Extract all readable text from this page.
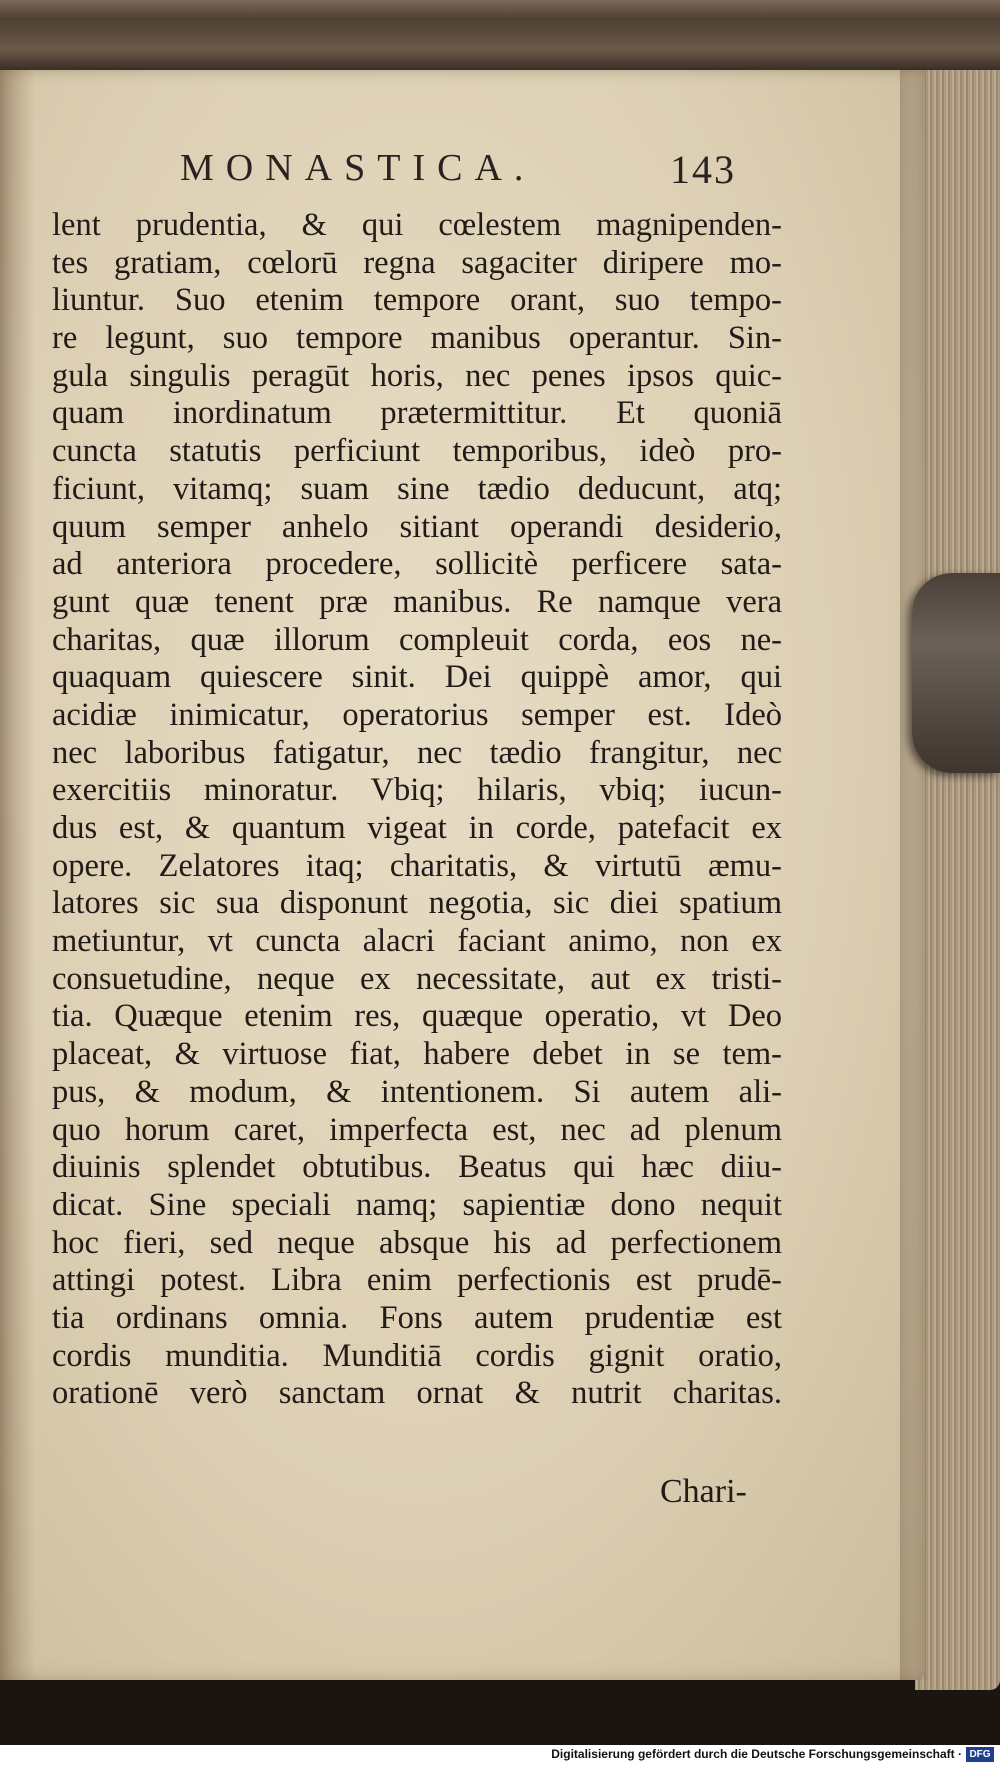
MONASTICA.	143
lent prudentia, & qui cœlestem magnipenden-
tes gratiam, cœlorū regna sagaciter diripere mo-
liuntur. Suo etenim tempore orant, suo tempo-
re legunt, suo tempore manibus operantur. Sin-
gula singulis peragūt horis, nec penes ipsos quic-
quam inordinatum prætermittitur. Et quoniā
cuncta statutis perficiunt temporibus, ideò pro-
ficiunt, vitamq; suam sine tædio deducunt, atq;
quum semper anhelo sitiant operandi desiderio,
ad anteriora procedere, sollicitè perficere sata-
gunt quæ tenent præ manibus. Re namque vera
charitas, quæ illorum compleuit corda, eos ne-
quaquam quiescere sinit. Dei quippè amor, qui
acidiæ inimicatur, operatorius semper est. Ideò
nec laboribus fatigatur, nec tædio frangitur, nec
exercitiis minoratur. Vbiq; hilaris, vbiq; iucun-
dus est, & quantum vigeat in corde, patefacit ex
opere. Zelatores itaq; charitatis, & virtutū æmu-
latores sic sua disponunt negotia, sic diei spatium
metiuntur, vt cuncta alacri faciant animo, non ex
consuetudine, neque ex necessitate, aut ex tristi-
tia. Quæque etenim res, quæque operatio, vt Deo
placeat, & virtuose fiat, habere debet in se tem-
pus, & modum, & intentionem. Si autem ali-
quo horum caret, imperfecta est, nec ad plenum
diuinis splendet obtutibus. Beatus qui hæc diiu-
dicat. Sine speciali namq; sapientiæ dono nequit
hoc fieri, sed neque absque his ad perfectionem
attingi potest. Libra enim perfectionis est prudē-
tia ordinans omnia. Fons autem prudentiæ est
cordis munditia. Munditiā cordis gignit oratio,
orationē verò sanctam ornat & nutrit charitas.
Chari-
Digitalisierung gefördert durch die Deutsche Forschungsgemeinschaft · DFG
